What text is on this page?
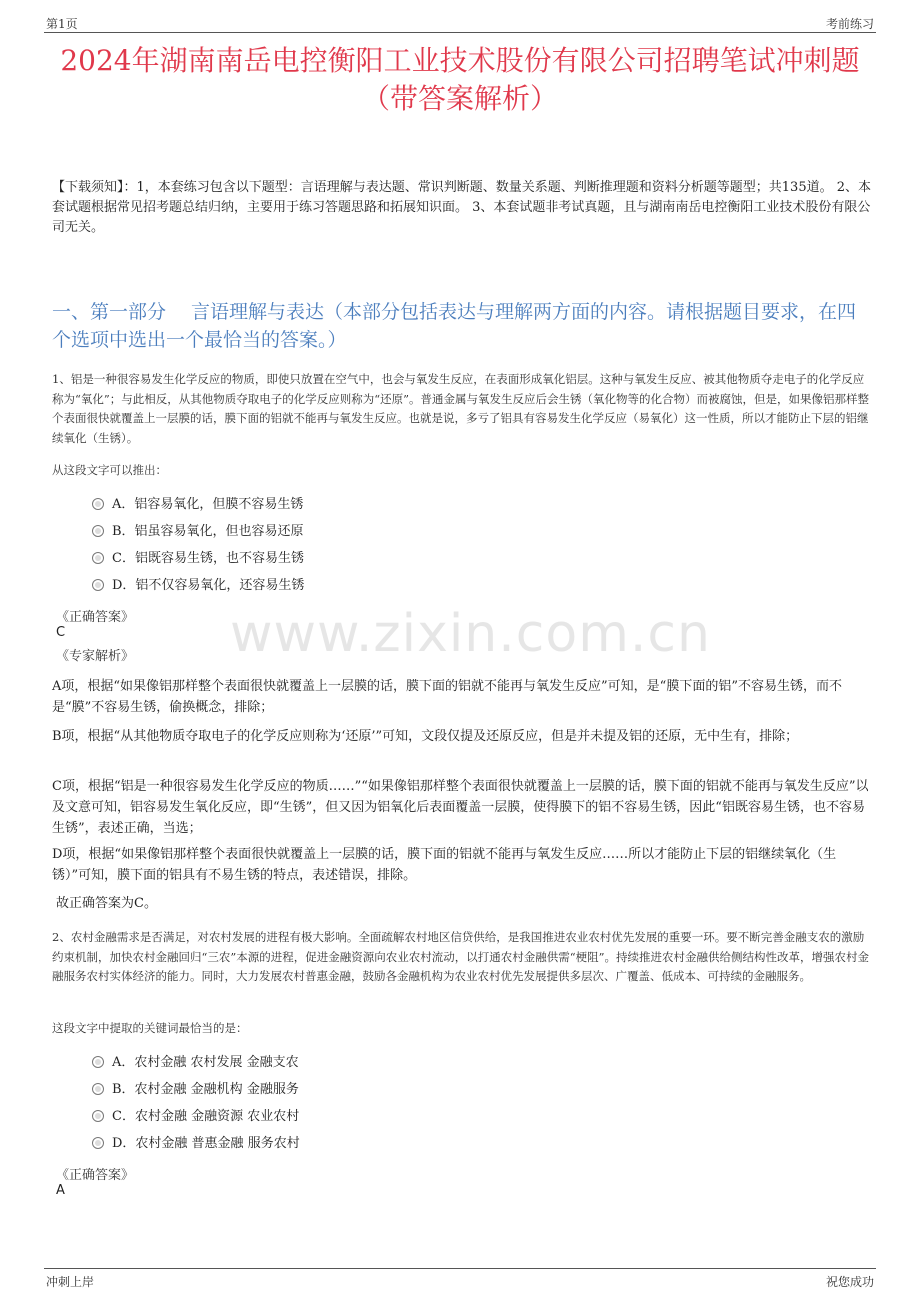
第1页	考前练习
2024年湖南南岳电控衡阳工业技术股份有限公司招聘笔试冲刺题（带答案解析）
【下载须知】：1，本套练习包含以下题型：言语理解与表达题、常识判断题、数量关系题、判断推理题和资料分析题等题型；共135道。 2、本套试题根据常见招考题总结归纳，主要用于练习答题思路和拓展知识面。 3、本套试题非考试真题，且与湖南南岳电控衡阳工业技术股份有限公司无关。
一、第一部分　 言语理解与表达（本部分包括表达与理解两方面的内容。请根据题目要求，在四个选项中选出一个最恰当的答案。）
1、铝是一种很容易发生化学反应的物质，即使只放置在空气中，也会与氧发生反应，在表面形成氧化铝层。这种与氧发生反应、被其他物质夺走电子的化学反应称为“氧化”；与此相反，从其他物质夺取电子的化学反应则称为“还原”。普通金属与氧发生反应后会生锈（氧化物等的化合物）而被腐蚀，但是，如果像铝那样整个表面很快就覆盖上一层膜的话，膜下面的铝就不能再与氧发生反应。也就是说，多亏了铝具有容易发生化学反应（易氧化）这一性质，所以才能防止下层的铝继续氧化（生锈）。
从这段文字可以推出：
A．铝容易氧化，但膜不容易生锈
B．铝虽容易氧化，但也容易还原
C．铝既容易生锈，也不容易生锈
D．铝不仅容易氧化，还容易生锈
《正确答案》
C
《专家解析》 www.zixin.com.cn
A项，根据“如果像铝那样整个表面很快就覆盖上一层膜的话，膜下面的铝就不能再与氧发生反应”可知，是“膜下面的铝”不容易生锈，而不是“膜”不容易生锈，偷换概念，排除；
B项，根据“从其他物质夺取电子的化学反应则称为‘还原’”可知，文段仅提及还原反应，但是并未提及铝的还原，无中生有，排除；
C项，根据“铝是一种很容易发生化学反应的物质……”“如果像铝那样整个表面很快就覆盖上一层膜的话，膜下面的铝就不能再与氧发生反应”以及文意可知，铝容易发生氧化反应，即“生锈”，但又因为铝氧化后表面覆盖一层膜，使得膜下的铝不容易生锈，因此“铝既容易生锈，也不容易生锈”，表述正确，当选；
D项，根据“如果像铝那样整个表面很快就覆盖上一层膜的话，膜下面的铝就不能再与氧发生反应……所以才能防止下层的铝继续氧化（生锈）”可知，膜下面的铝具有不易生锈的特点，表述错误，排除。
故正确答案为C。
2、农村金融需求是否满足，对农村发展的进程有极大影响。全面疏解农村地区信贷供给，是我国推进农业农村优先发展的重要一环。要不断完善金融支农的激励约束机制，加快农村金融回归“三农”本源的进程，促进金融资源向农业农村流动，以打通农村金融供需“梗阻”。持续推进农村金融供给侧结构性改革，增强农村金融服务农村实体经济的能力。同时，大力发展农村普惠金融，鼓励各金融机构为农业农村优先发展提供多层次、广覆盖、低成本、可持续的金融服务。
这段文字中提取的关键词最恰当的是：
A．农村金融 农村发展 金融支农
B．农村金融 金融机构 金融服务
C．农村金融 金融资源 农业农村
D．农村金融 普惠金融 服务农村
《正确答案》
A
冲刺上岸	祝您成功
